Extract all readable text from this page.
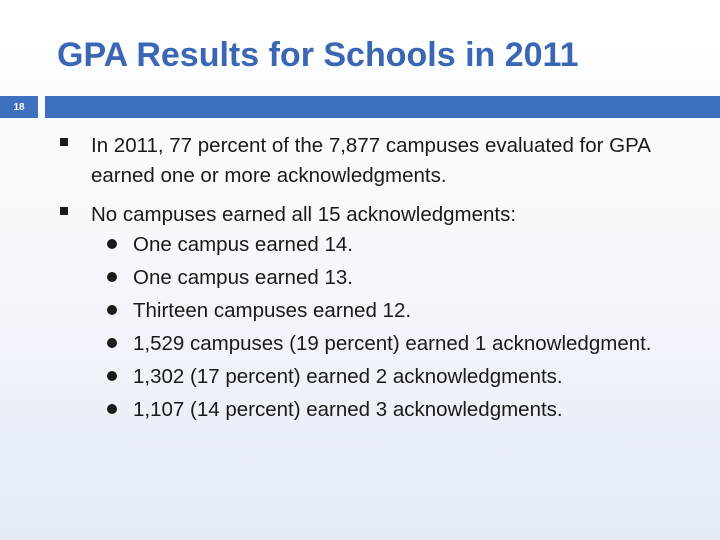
GPA Results for Schools in 2011
18
In 2011, 77 percent of the 7,877 campuses evaluated for GPA earned one or more acknowledgments.
No campuses earned all 15 acknowledgments:
One campus earned 14.
One campus earned 13.
Thirteen campuses earned 12.
1,529 campuses (19 percent) earned 1 acknowledgment.
1,302 (17 percent) earned 2 acknowledgments.
1,107 (14 percent) earned 3 acknowledgments.
